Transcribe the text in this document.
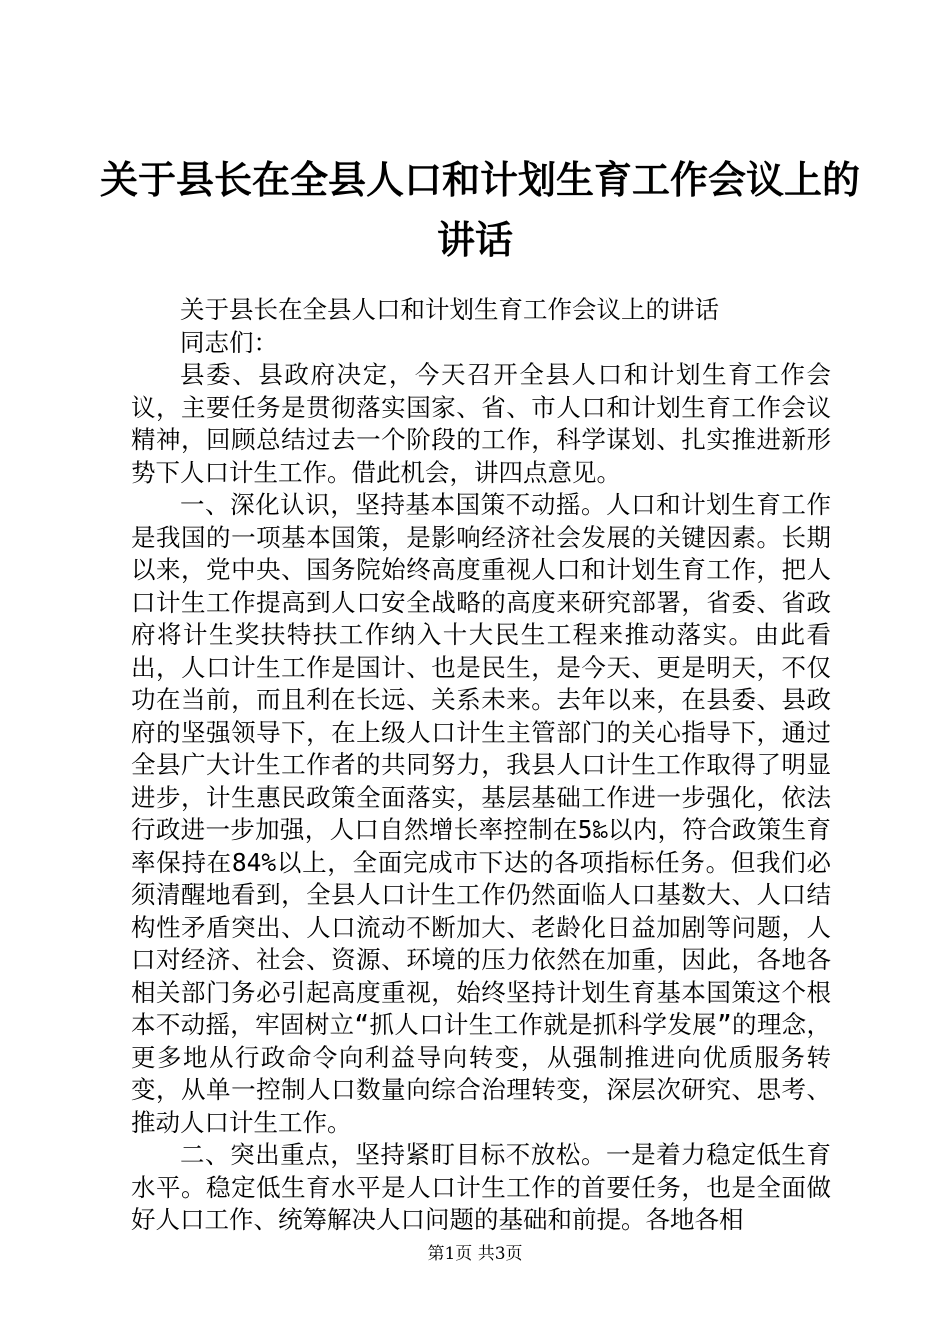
关于县长在全县人口和计划生育工作会议上的
讲话

关于县长在全县人口和计划生育工作会议上的讲话

同志们：

县委、县政府决定，今天召开全县人口和计划生育工作会议，主要任务是贯彻落实国家、省、市人口和计划生育工作会议精神，回顾总结过去一个阶段的工作，科学谋划、扎实推进新形势下人口计生工作。借此机会，讲四点意见。

一、深化认识，坚持基本国策不动摇。人口和计划生育工作是我国的一项基本国策，是影响经济社会发展的关键因素。长期以来，党中央、国务院始终高度重视人口和计划生育工作，把人口计生工作提高到人口安全战略的高度来研究部署，省委、省政府将计生奖扶特扶工作纳入十大民生工程来推动落实。由此看出，人口计生工作是国计、也是民生，是今天、更是明天，不仅功在当前，而且利在长远、关系未来。去年以来，在县委、县政府的坚强领导下，在上级人口计生主管部门的关心指导下，通过全县广大计生工作者的共同努力，我县人口计生工作取得了明显进步，计生惠民政策全面落实，基层基础工作进一步强化，依法行政进一步加强，人口自然增长率控制在5‰以内，符合政策生育率保持在84%以上，全面完成市下达的各项指标任务。但我们必须清醒地看到，全县人口计生工作仍然面临人口基数大、人口结构性矛盾突出、人口流动不断加大、老龄化日益加剧等问题，人口对经济、社会、资源、环境的压力依然在加重，因此，各地各相关部门务必引起高度重视，始终坚持计划生育基本国策这个根本不动摇，牢固树立“抓人口计生工作就是抓科学发展”的理念，更多地从行政命令向利益导向转变，从强制推进向优质服务转变，从单一控制人口数量向综合治理转变，深层次研究、思考、推动人口计生工作。

二、突出重点，坚持紧盯目标不放松。一是着力稳定低生育水平。稳定低生育水平是人口计生工作的首要任务，也是全面做好人口工作、统筹解决人口问题的基础和前提。各地各相

第1页 共3页
